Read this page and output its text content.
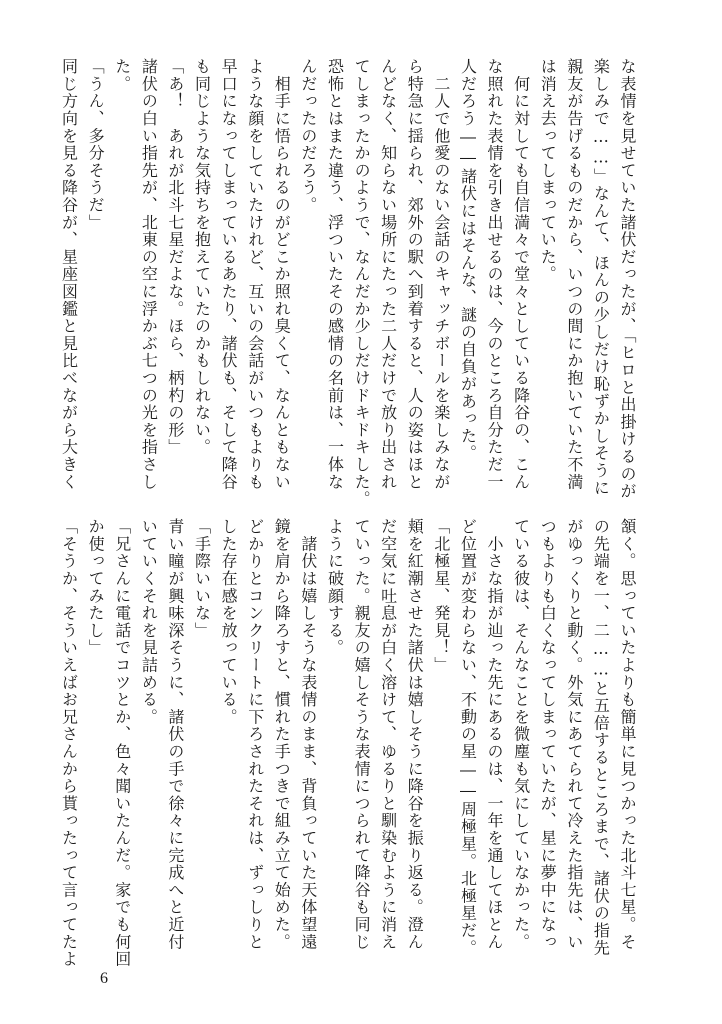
な表情を見せていた諸伏だったが、「ヒロと出掛けるのが
楽しみで……」なんて、ほんの少しだけ恥ずかしそうに
親友が告げるものだから、いつの間にか抱いていた不満
は消え去ってしまっていた。
　何に対しても自信満々で堂々としている降谷の、こん
な照れた表情を引き出せるのは、今のところ自分ただ一
人だろう――諸伏にはそんな、謎の自負があった。
　二人で他愛のない会話のキャッチボールを楽しみなが
ら特急に揺られ、郊外の駅へ到着すると、人の姿はほと
んどなく、知らない場所にたった二人だけで放り出され
てしまったかのようで、なんだか少しだけドキドキした。
恐怖とはまた違う、浮ついたその感情の名前は、一体な
んだったのだろう。
　相手に悟られるのがどこか照れ臭くて、なんともない
ような顔をしていたけれど、互いの会話がいつもよりも
早口になってしまっているあたり、諸伏も、そして降谷
も同じような気持ちを抱えていたのかもしれない。
「あ！　あれが北斗七星だよな。ほら、柄杓の形」
諸伏の白い指先が、北東の空に浮かぶ七つの光を指さし
た。
「うん、多分そうだ」
同じ方向を見る降谷が、星座図鑑と見比べながら大きく
頷く。思っていたよりも簡単に見つかった北斗七星。そ
の先端を一、二……と五倍するところまで、諸伏の指先
がゆっくりと動く。外気にあてられて冷えた指先は、い
つもよりも白くなってしまっていたが、星に夢中になっ
ている彼は、そんなことを微塵も気にしていなかった。
　小さな指が辿った先にあるのは、一年を通してほとん
ど位置が変わらない、不動の星――周極星。北極星だ。
「北極星、発見！」
頬を紅潮させた諸伏は嬉しそうに降谷を振り返る。澄ん
だ空気に吐息が白く溶けて、ゆるりと馴染むように消え
ていった。親友の嬉しそうな表情につられて降谷も同じ
ように破顔する。
　諸伏は嬉しそうな表情のまま、背負っていた天体望遠
鏡を肩から降ろすと、慣れた手つきで組み立て始めた。
どかりとコンクリートに下ろされたそれは、ずっしりと
した存在感を放っている。
「手際いいな」
青い瞳が興味深そうに、諸伏の手で徐々に完成へと近付
いていくそれを見詰める。
「兄さんに電話でコツとか、色々聞いたんだ。家でも何回
か使ってみたし」
「そうか、そういえばお兄さんから貰ったって言ってたよ
6
